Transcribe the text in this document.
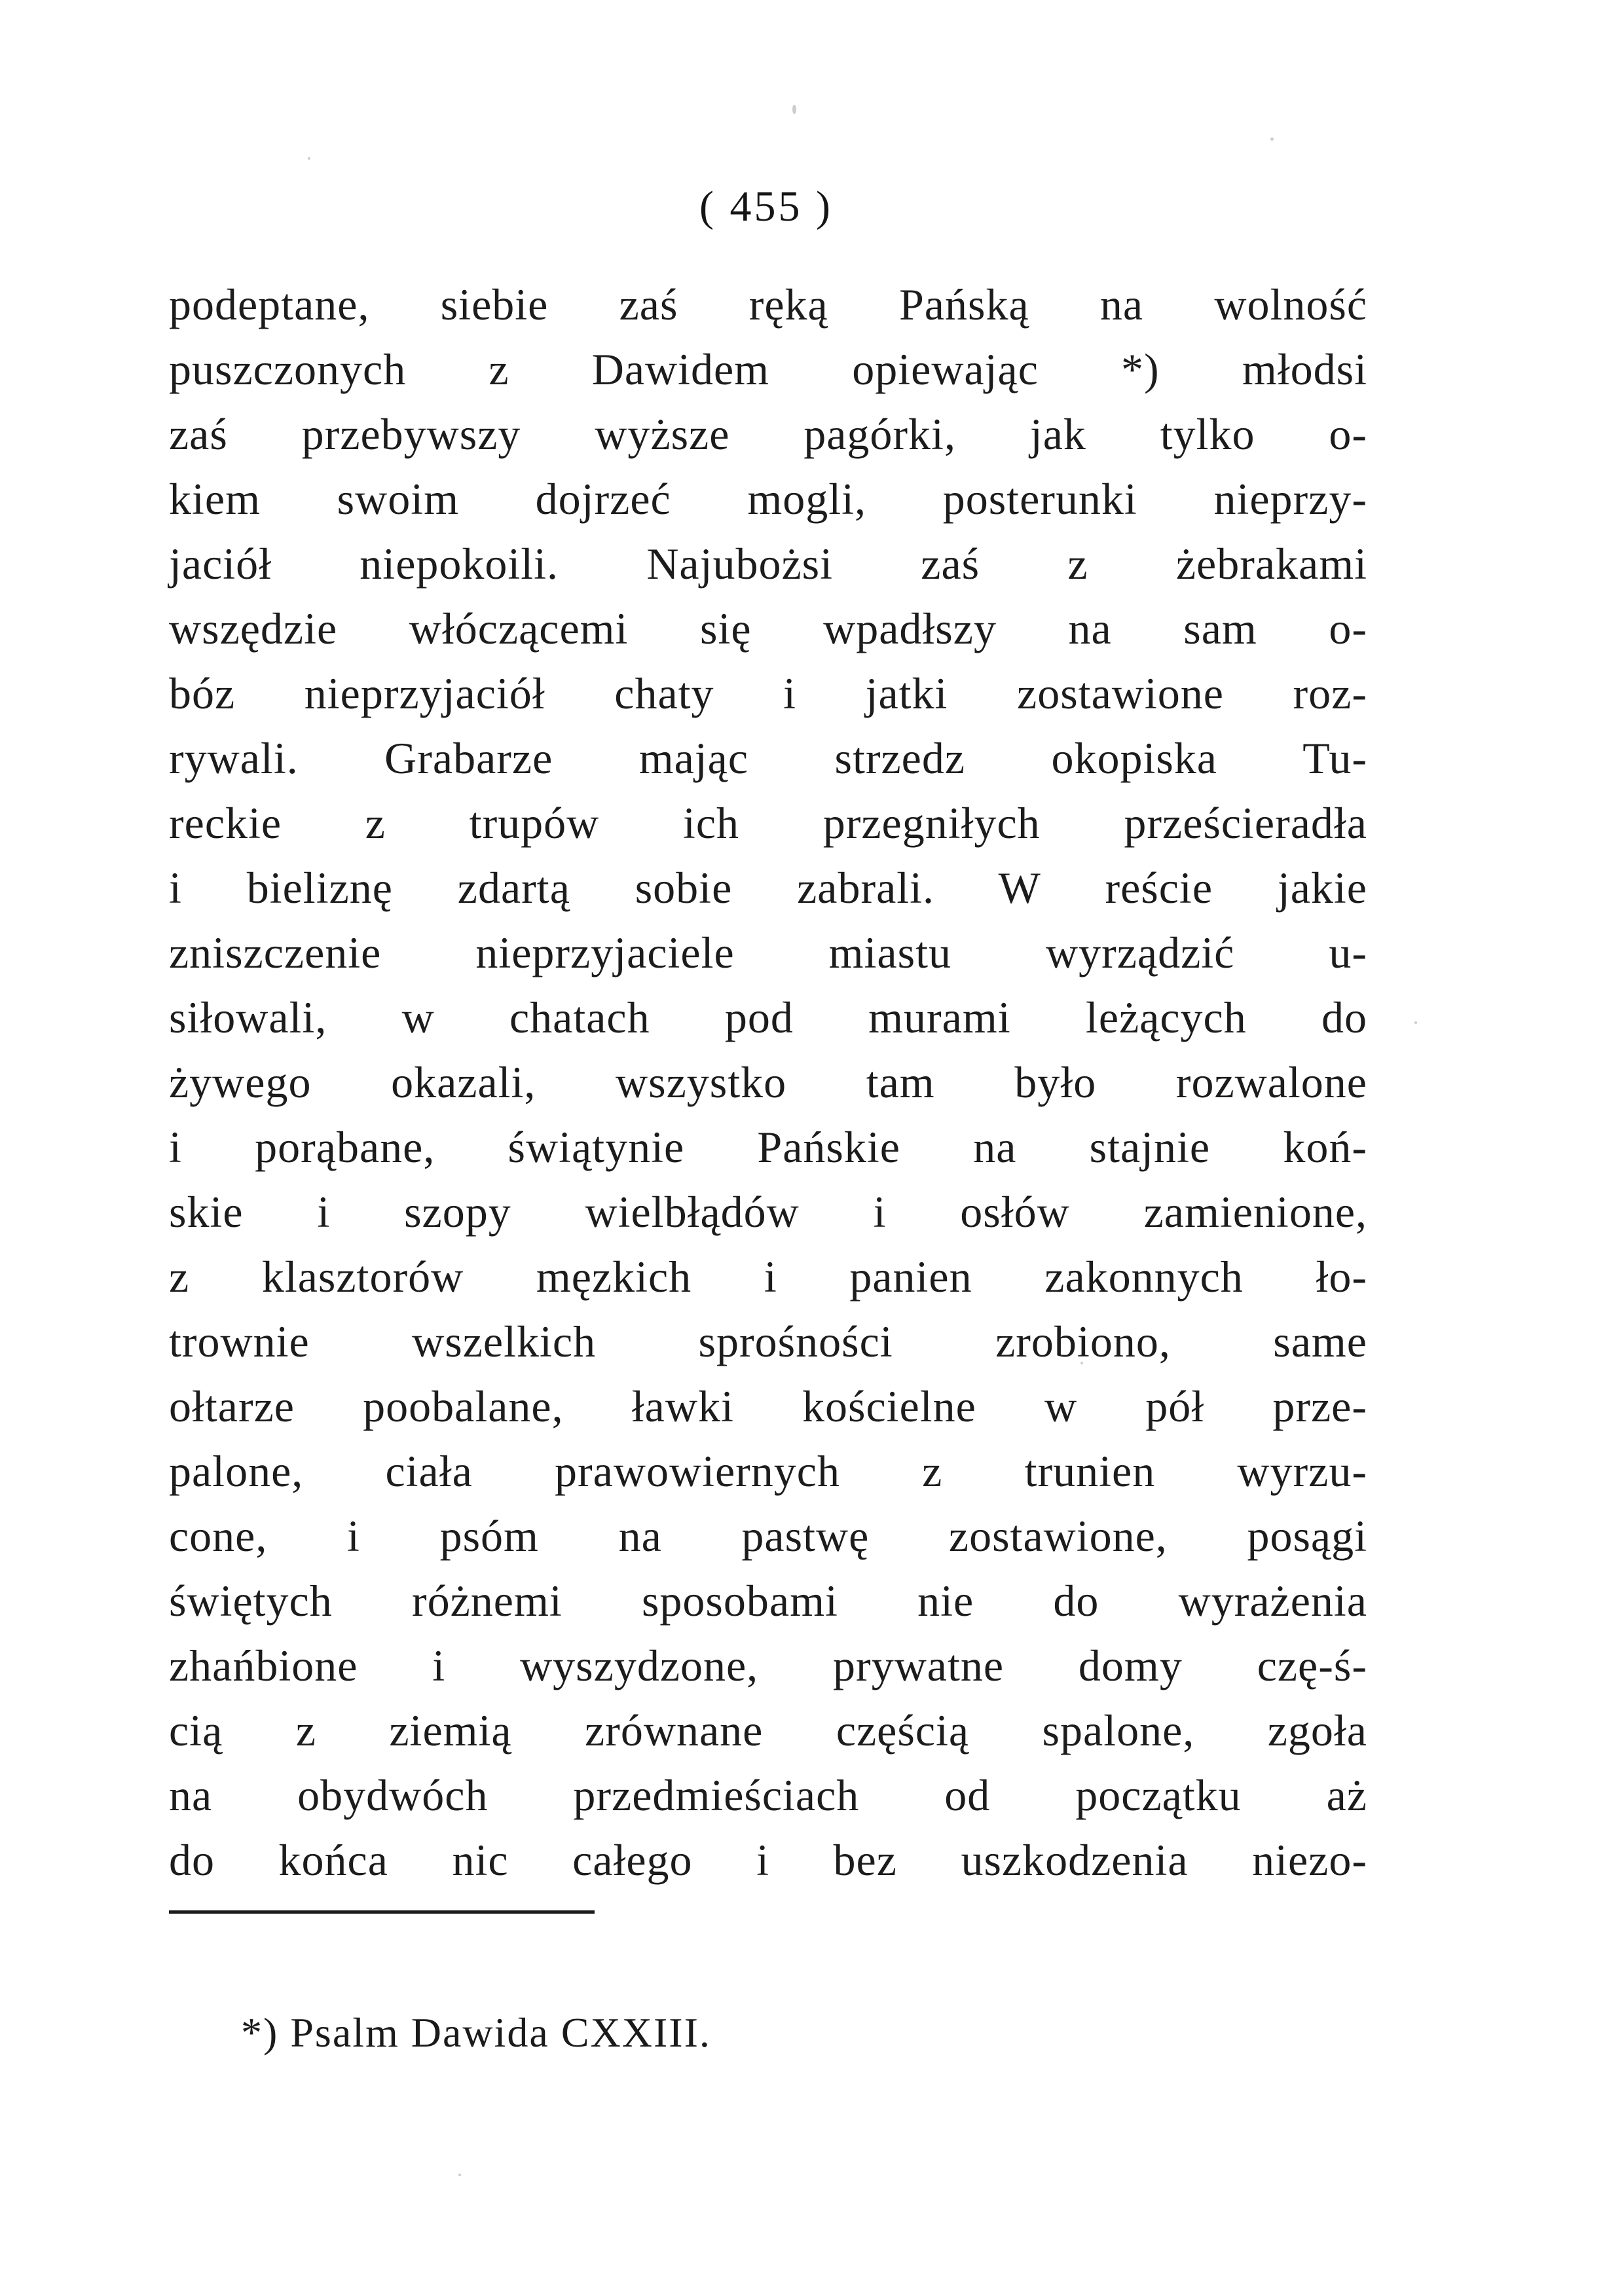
( 455 )
podeptane, siebie zaś ręką Pańską na wolność
puszczonych z Dawidem opiewając *) młodsi
zaś przebywszy wyższe pagórki, jak tylko o-
kiem swoim dojrzeć mogli, posterunki nieprzy-
jaciół niepokoili. Najubożsi zaś z żebrakami
wszędzie włóczącemi się wpadłszy na sam o-
bóz nieprzyjaciół chaty i jatki zostawione roz-
rywali. Grabarze mając strzedz okopiska Tu-
reckie z trupów ich przegniłych prześcieradła
i bieliznę zdartą sobie zabrali. W reście jakie
zniszczenie nieprzyjaciele miastu wyrządzić u-
siłowali, w chatach pod murami leżących do
żywego okazali, wszystko tam było rozwalone
i porąbane, świątynie Pańskie na stajnie koń-
skie i szopy wielbłądów i osłów zamienione,
z klasztorów męzkich i panien zakonnych ło-
trownie wszelkich sprośności zrobiono, same
ołtarze poobalane, ławki kościelne w pół prze-
palone, ciała prawowiernych z trunien wyrzu-
cone, i psóm na pastwę zostawione, posągi
świętych różnemi sposobami nie do wyrażenia
zhańbione i wyszydzone, prywatne domy czę-ś-
cią z ziemią zrównane częścią spalone, zgoła
na obydwóch przedmieściach od początku aż
do końca nic całego i bez uszkodzenia niezo-
*) Psalm Dawida CXXIII.
